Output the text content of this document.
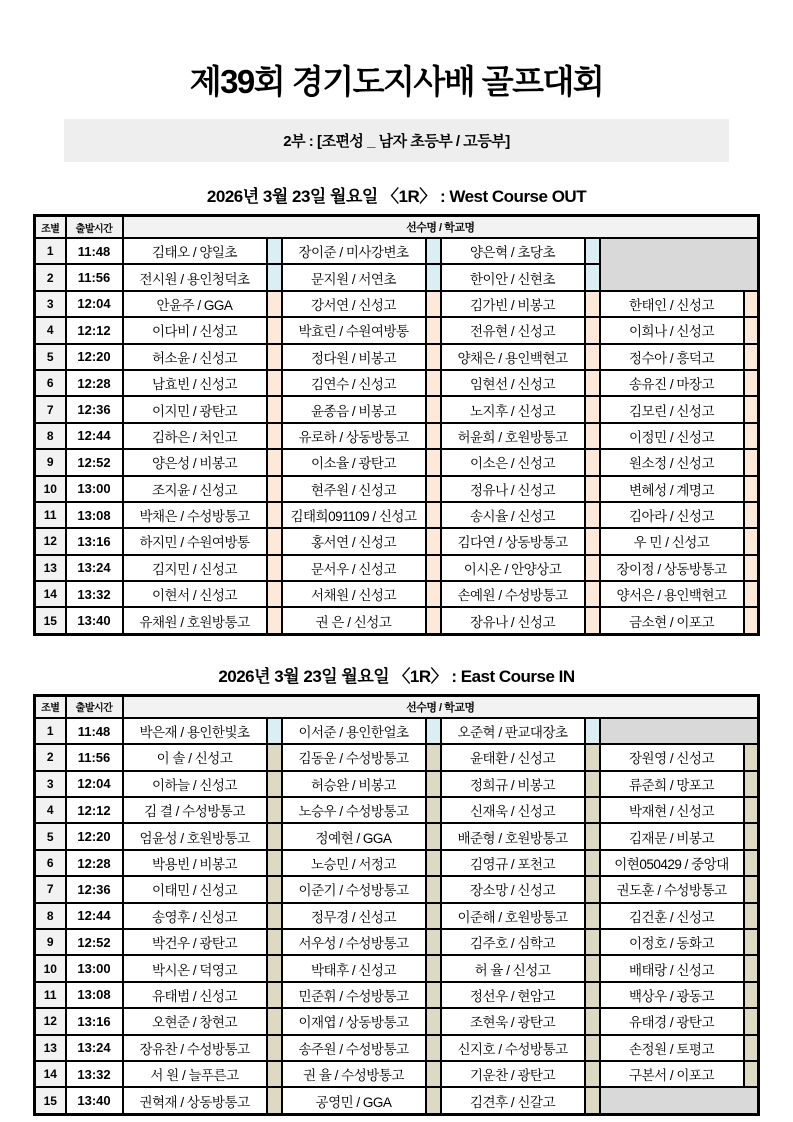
제39회 경기도지사배 골프대회
2부 : [조편성 _ 남자 초등부 / 고등부]
2026년 3월 23일 월요일 〈1R〉 : West Course OUT
조별	출발시간	선수명 / 학교명							
1	11:48	김태오 / 양일초		장이준 / 미사강변초		양은혁 / 초당초			
2	11:56	전시원 / 용인청덕초		문지원 / 서연초		한이안 / 신현초			
3	12:04	안윤주 / GGA		강서연 / 신성고		김가빈 / 비봉고		한태인 / 신성고	
4	12:12	이다비 / 신성고		박효린 / 수원여방통		전유현 / 신성고		이희나 / 신성고	
5	12:20	허소윤 / 신성고		정다원 / 비봉고		양채은 / 용인백현고		정수아 / 흥덕고	
6	12:28	남효빈 / 신성고		김연수 / 신성고		임현선 / 신성고		송유진 / 마장고	
7	12:36	이지민 / 광탄고		윤종음 / 비봉고		노지후 / 신성고		김모린 / 신성고	
8	12:44	김하은 / 처인고		유로하 / 상동방통고		허윤희 / 호원방통고		이정민 / 신성고	
9	12:52	양은성 / 비봉고		이소율 / 광탄고		이소은 / 신성고		원소정 / 신성고	
10	13:00	조지윤 / 신성고		현주원 / 신성고		정유나 / 신성고		변혜성 / 계명고	
11	13:08	박채은 / 수성방통고		김태희091109 / 신성고		송시율 / 신성고		김아라 / 신성고	
12	13:16	하지민 / 수원여방통		홍서연 / 신성고		김다연 / 상동방통고		우 민 / 신성고	
13	13:24	김지민 / 신성고		문서우 / 신성고		이시온 / 안양상고		장이정 / 상동방통고	
14	13:32	이현서 / 신성고		서채원 / 신성고		손예원 / 수성방통고		양서은 / 용인백현고	
15	13:40	유채원 / 호원방통고		권 은 / 신성고		장유나 / 신성고		금소현 / 이포고	
2026년 3월 23일 월요일 〈1R〉 : East Course IN
조별	출발시간	선수명 / 학교명							
1	11:48	박은재 / 용인한빛초		이서준 / 용인한얼초		오준혁 / 판교대장초			
2	11:56	이 솔 / 신성고		김동운 / 수성방통고		윤태환 / 신성고		장원영 / 신성고	
3	12:04	이하늘 / 신성고		허승완 / 비봉고		정희규 / 비봉고		류준희 / 망포고	
4	12:12	김 결 / 수성방통고		노승우 / 수성방통고		신재욱 / 신성고		박재현 / 신성고	
5	12:20	엄윤성 / 호원방통고		정예현 / GGA		배준형 / 호원방통고		김재문 / 비봉고	
6	12:28	박용빈 / 비봉고		노승민 / 서정고		김영규 / 포천고		이현050429 / 중앙대	
7	12:36	이태민 / 신성고		이준기 / 수성방통고		장소망 / 신성고		권도훈 / 수성방통고	
8	12:44	송영후 / 신성고		정무경 / 신성고		이준해 / 호원방통고		김건훈 / 신성고	
9	12:52	박건우 / 광탄고		서우성 / 수성방통고		김주호 / 심학고		이정호 / 동화고	
10	13:00	박시온 / 덕영고		박태후 / 신성고		허 율 / 신성고		배태랑 / 신성고	
11	13:08	유태범 / 신성고		민준휘 / 수성방통고		정선우 / 현암고		백상우 / 광동고	
12	13:16	오현준 / 창현고		이재엽 / 상동방통고		조현욱 / 광탄고		유태경 / 광탄고	
13	13:24	장유찬 / 수성방통고		송주원 / 수성방통고		신지호 / 수성방통고		손정원 / 토평고	
14	13:32	서 원 / 늘푸른고		권 율 / 수성방통고		기운찬 / 광탄고		구본서 / 이포고	
15	13:40	권혁재 / 상동방통고		공영민 / GGA		김견후 / 신갈고			
